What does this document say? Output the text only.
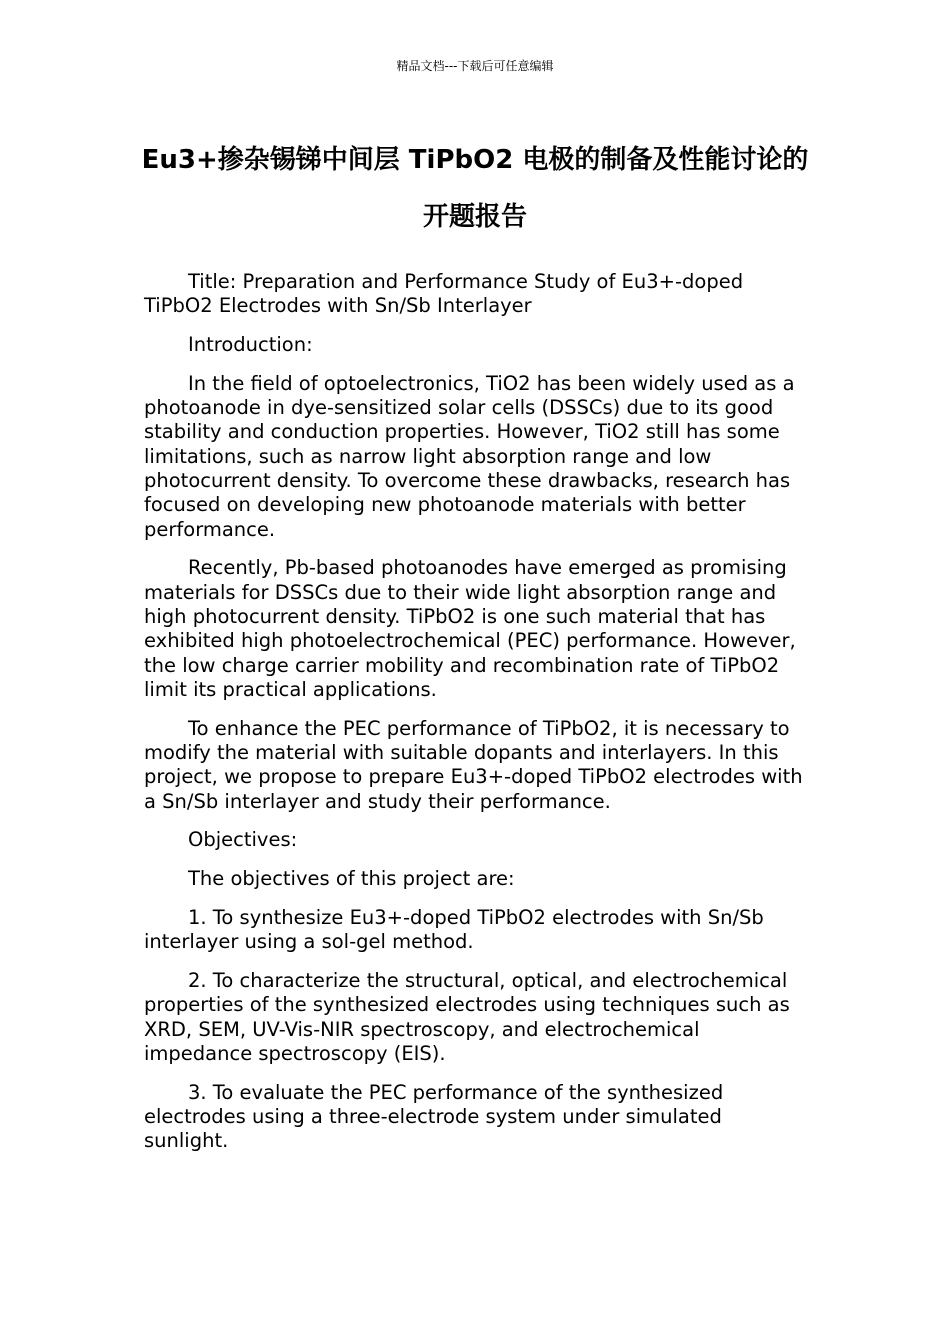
精品文档---下载后可任意编辑
Eu3+掺杂锡锑中间层 TiPbO2 电极的制备及性能讨论的开题报告

Title: Preparation and Performance Study of Eu3+-doped TiPbO2 Electrodes with Sn/Sb Interlayer

Introduction:

In the field of optoelectronics, TiO2 has been widely used as a photoanode in dye-sensitized solar cells (DSSCs) due to its good stability and conduction properties. However, TiO2 still has some limitations, such as narrow light absorption range and low photocurrent density. To overcome these drawbacks, research has focused on developing new photoanode materials with better performance.

Recently, Pb-based photoanodes have emerged as promising materials for DSSCs due to their wide light absorption range and high photocurrent density. TiPbO2 is one such material that has exhibited high photoelectrochemical (PEC) performance. However, the low charge carrier mobility and recombination rate of TiPbO2 limit its practical applications.

To enhance the PEC performance of TiPbO2, it is necessary to modify the material with suitable dopants and interlayers. In this project, we propose to prepare Eu3+-doped TiPbO2 electrodes with a Sn/Sb interlayer and study their performance.

Objectives:

The objectives of this project are:

1. To synthesize Eu3+-doped TiPbO2 electrodes with Sn/Sb interlayer using a sol-gel method.

2. To characterize the structural, optical, and electrochemical properties of the synthesized electrodes using techniques such as XRD, SEM, UV-Vis-NIR spectroscopy, and electrochemical impedance spectroscopy (EIS).

3. To evaluate the PEC performance of the synthesized electrodes using a three-electrode system under simulated sunlight.
